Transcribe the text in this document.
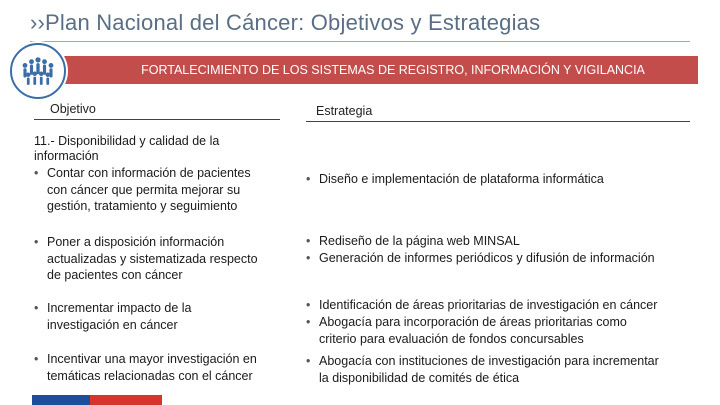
››Plan Nacional del Cáncer: Objetivos y Estrategias
FORTALECIMIENTO DE LOS SISTEMAS DE REGISTRO, INFORMACIÓN Y VIGILANCIA
Objetivo	Estrategia
11.- Disponibilidad y calidad de la
información
• Contar con información de pacientes
con cáncer que permita mejorar su
gestión, tratamiento y seguimiento
• Diseño e implementación de plataforma informática
• Poner a disposición información
actualizadas y sistematizada respecto
de pacientes con cáncer
• Rediseño de la página web MINSAL
• Generación de informes periódicos y difusión de información
• Incrementar impacto de la
investigación en cáncer
• Identificación de áreas prioritarias de investigación en cáncer
• Abogacía para incorporación de áreas prioritarias como
criterio para evaluación de fondos concursables
• Incentivar una mayor investigación en
temáticas relacionadas con el cáncer
• Abogacía con instituciones de investigación para incrementar
la disponibilidad de comités de ética
